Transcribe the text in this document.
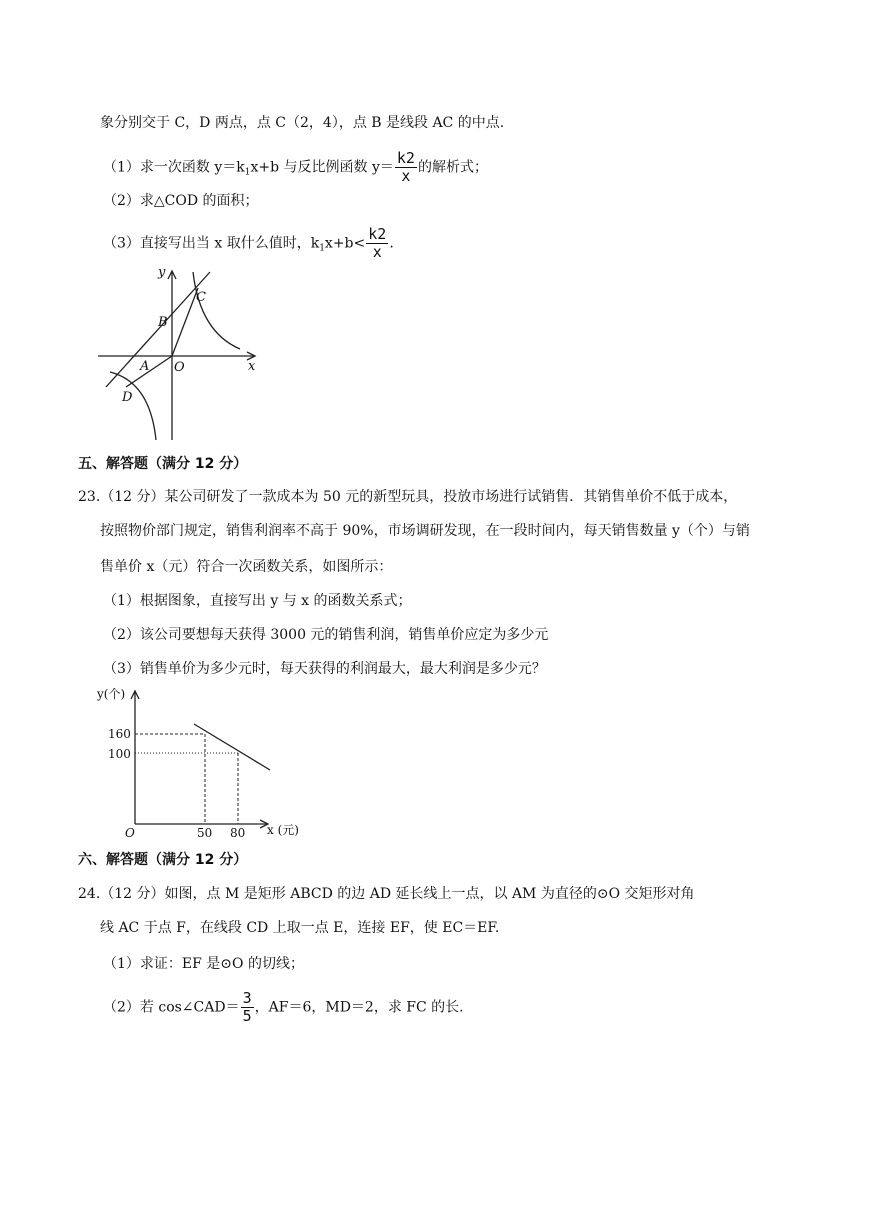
象分别交于 C，D 两点，点 C（2，4），点 B 是线段 AC 的中点.
（1）求一次函数 $y=k_1x+b$ 与反比例函数 $y= \frac{k2}{x}$ 的解析式；
（2）求△COD 的面积；
（3）直接写出当 x 取什么值时，$k_1x+b< \frac{k2}{x}$ .
y
x
C
B
A O
D
五、解答题（满分 12 分）
23.（12 分）某公司研发了一款成本为 50 元的新型玩具，投放市场进行试销售．其销售单价不低于成本，
按照物价部门规定，销售利润率不高于 90%，市场调研发现，在一段时间内，每天销售数量 y（个）与销
售单价 x（元）符合一次函数关系，如图所示：
（1）根据图象，直接写出 y 与 x 的函数关系式；
（2）该公司要想每天获得 3000 元的销售利润，销售单价应定为多少元
（3）销售单价为多少元时，每天获得的利润最大，最大利润是多少元？
y(个)
160
100
O	50 80 x (元)
六、解答题（满分 12 分）
24.（12 分）如图，点 M 是矩形 ABCD 的边 AD 延长线上一点，以 AM 为直径的⊙O 交矩形对角
线 AC 于点 F，在线段 CD 上取一点 E，连接 EF，使 EC＝EF.
（1）求证：EF 是⊙O 的切线；
（2）若 cos∠CAD＝ $\frac{3}{5}$ ，AF＝6，MD＝2，求 FC 的长.
